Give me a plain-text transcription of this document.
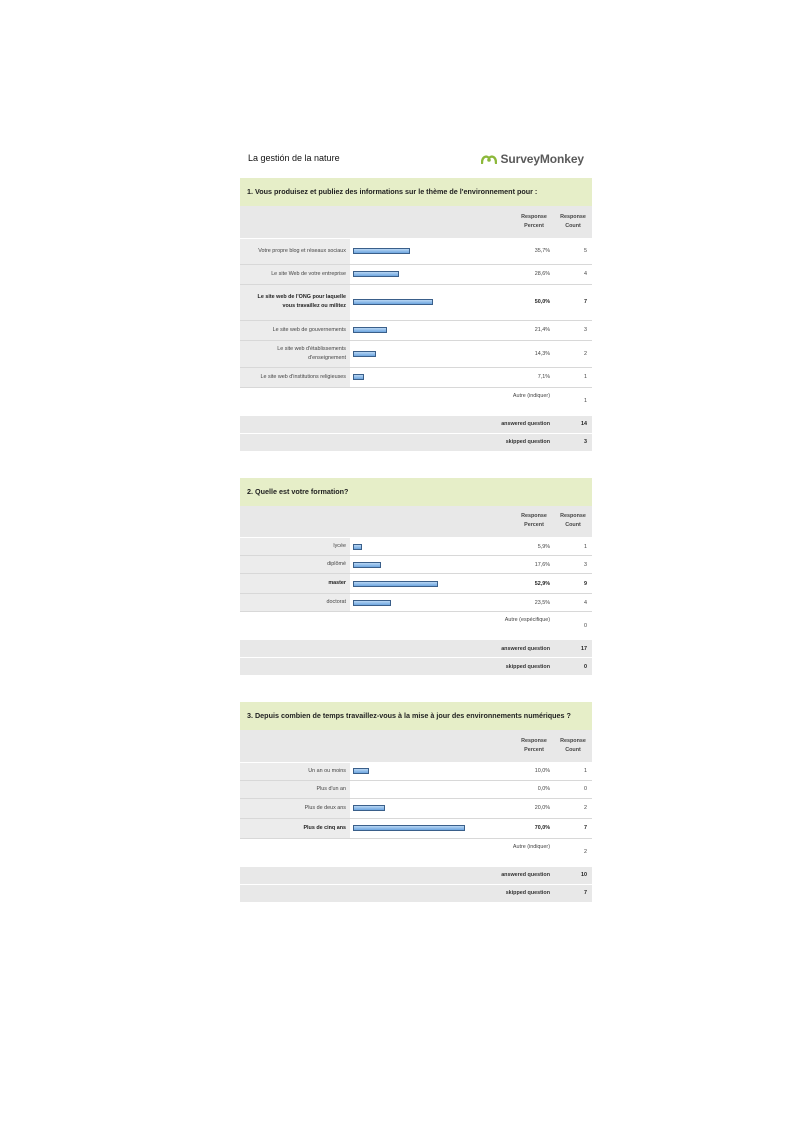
La gestión de la nature	SurveyMonkey
1. Vous produisez et publiez des informations sur le thème de l'environnement pour :
		Response Percent	Response Count
Votre propre blog et réseaux sociaux		35,7%	5
Le site Web de votre entreprise		28,6%	4
Le site web de l'ONG pour laquelle vous travaillez ou militez		50,0%	7
Le site web de gouvernements		21,4%	3
Le site web d'établissements d'enseignement		14,3%	2
Le site web d'institutions religieuses		7,1%	1
Autre (indiquer)			1
answered question			14
skipped question			3
2. Quelle est votre formation?
		Response Percent	Response Count
lycée		5,9%	1
diplômé		17,6%	3
master		52,9%	9
doctorat		23,5%	4
Autre (espécifique)			0
answered question			17
skipped question			0
3. Depuis combien de temps travaillez-vous à la mise à jour des environnements numériques ?
		Response Percent	Response Count
Un an ou moins		10,0%	1
Plus d'un an		0,0%	0
Plus de deux ans		20,0%	2
Plus de cinq ans		70,0%	7
Autre (indiquer)			2
answered question			10
skipped question			7
